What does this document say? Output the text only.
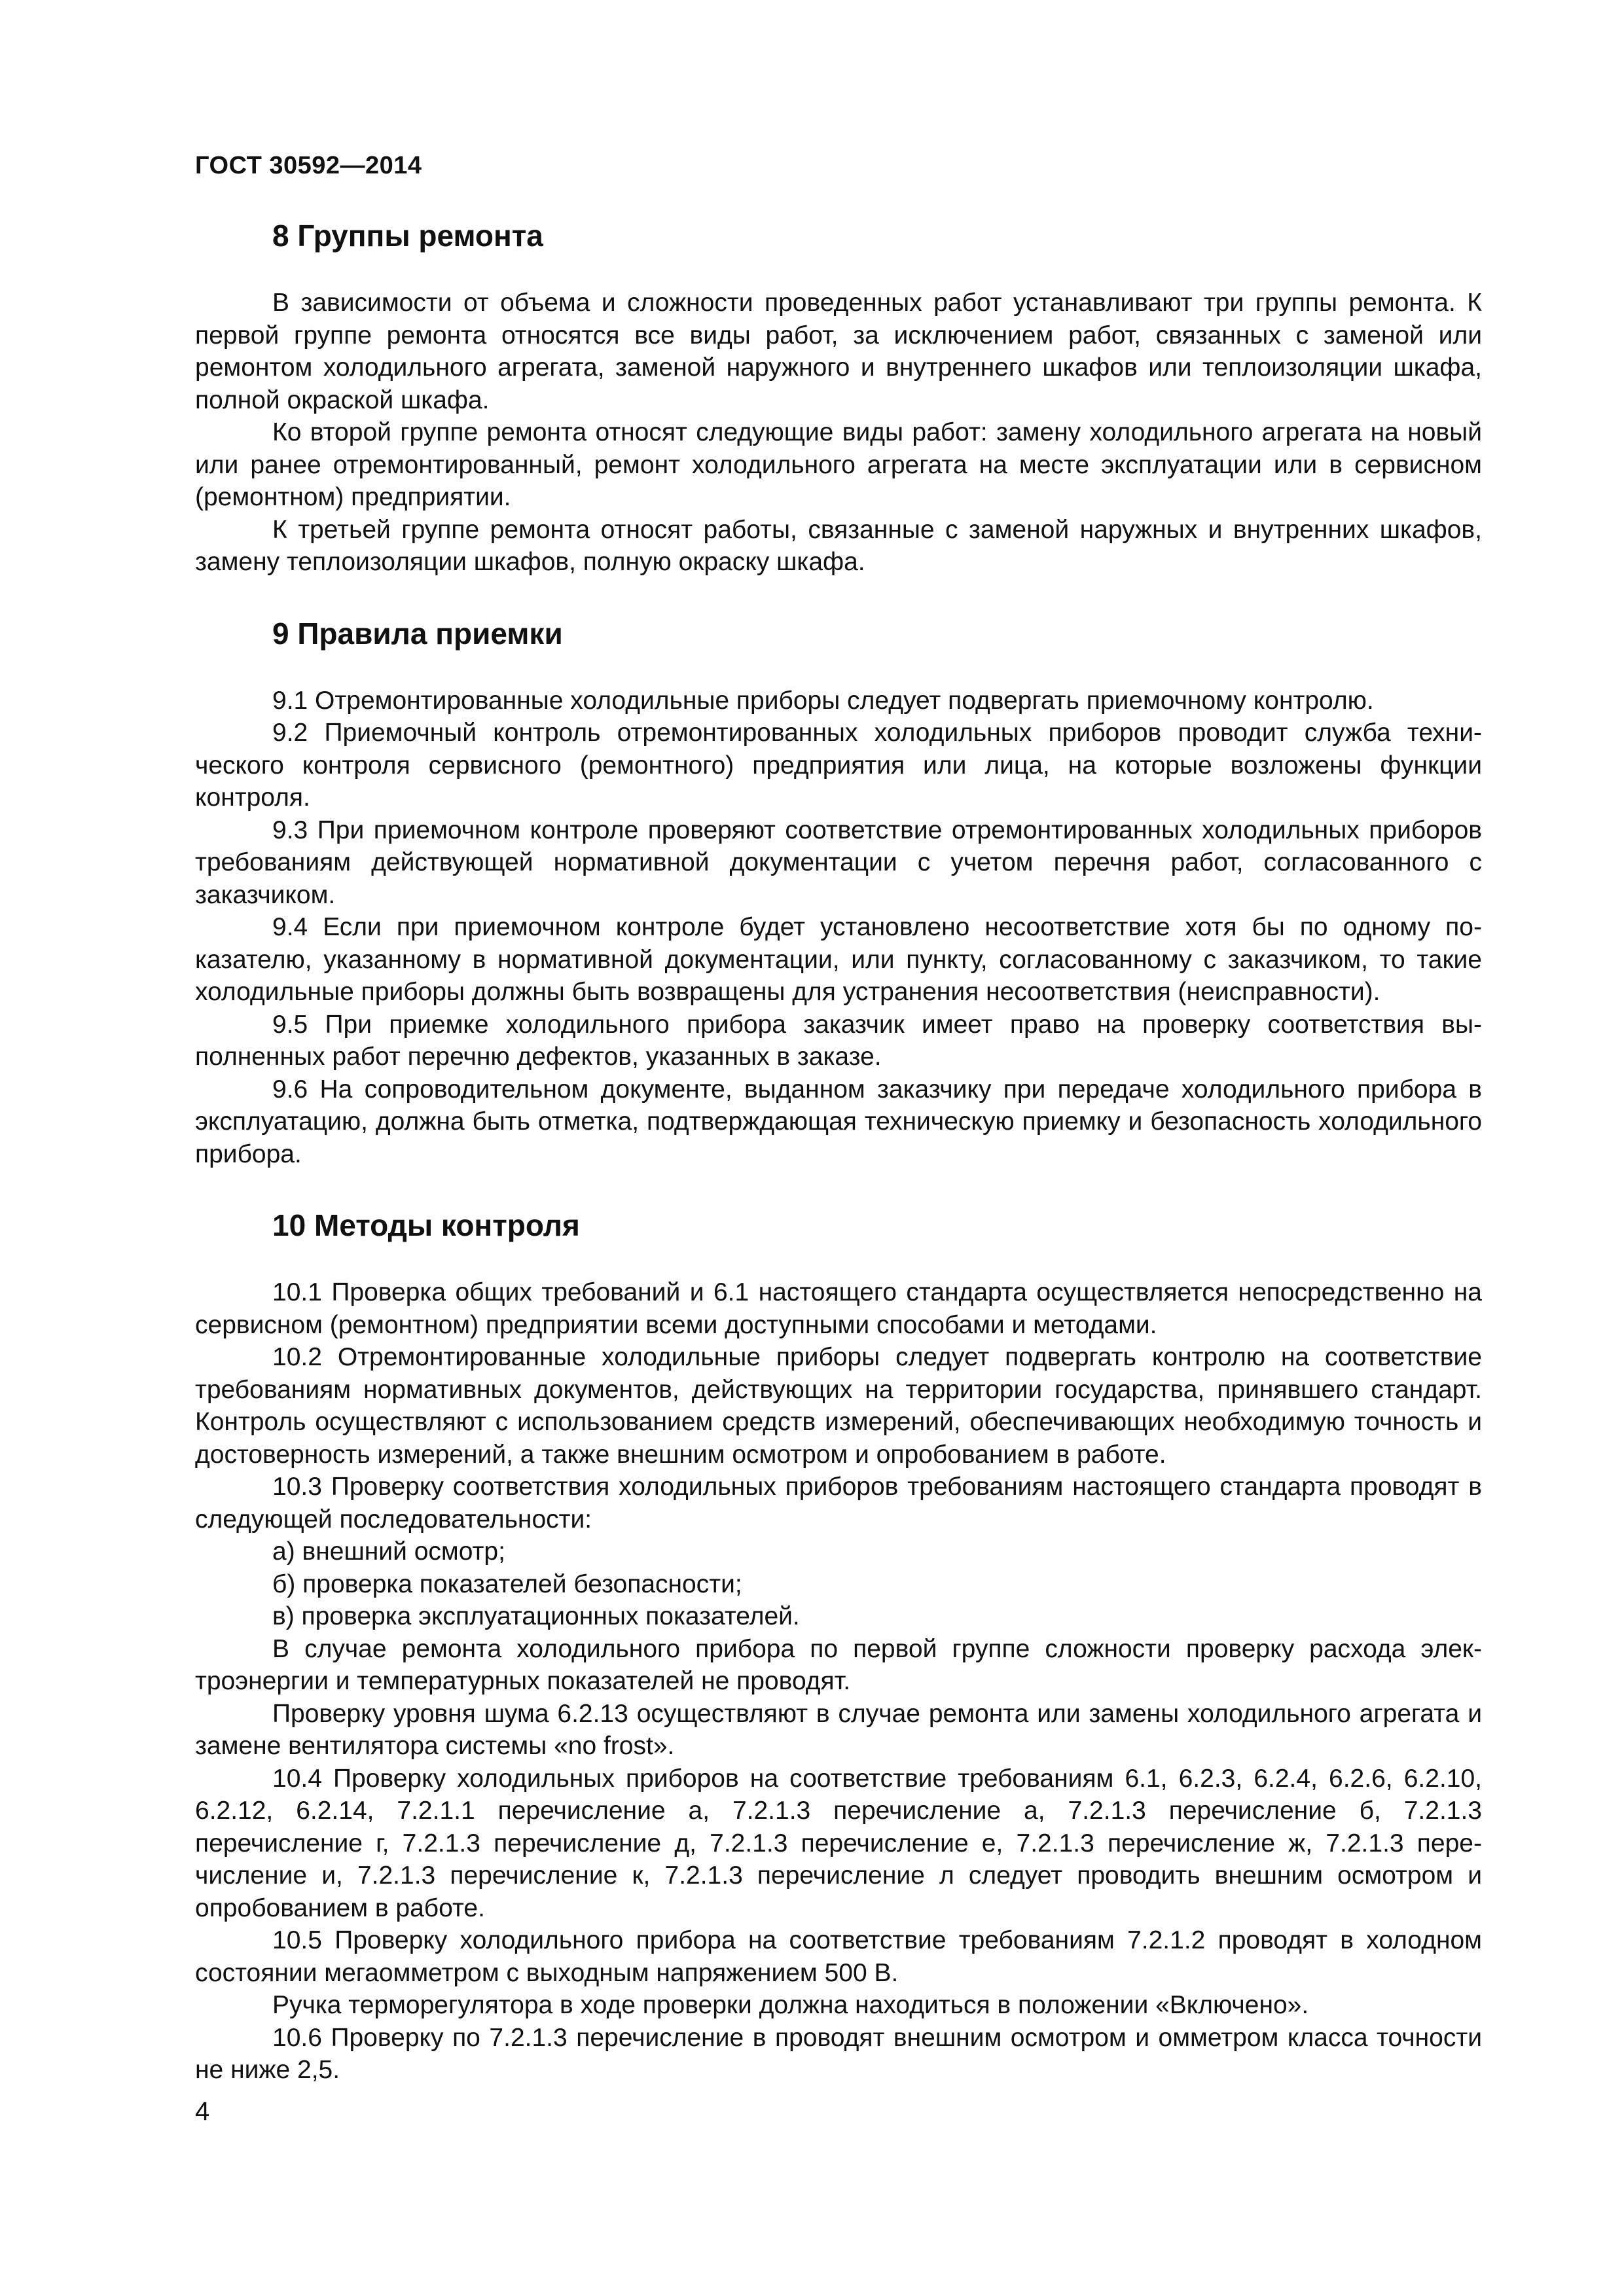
ГОСТ 30592—2014
8 Группы ремонта

В зависимости от объема и сложности проведенных работ устанавливают три группы ремонта. К первой группе ремонта относятся все виды работ, за исключением работ, связанных с заменой или ремонтом холодильного агрегата, заменой наружного и внутреннего шкафов или теплоизоляции шкафа, полной окраской шкафа.

Ко второй группе ремонта относят следующие виды работ: замену холодильного агрегата на новый или ранее отремонтированный, ремонт холодильного агрегата на месте эксплуатации или в сервисном (ремонтном) предприятии.

К третьей группе ремонта относят работы, связанные с заменой наружных и внутренних шкафов, замену теплоизоляции шкафов, полную окраску шкафа.

9 Правила приемки

9.1 Отремонтированные холодильные приборы следует подвергать приемочному контролю.

9.2 Приемочный контроль отремонтированных холодильных приборов проводит служба технического контроля сервисного (ремонтного) предприятия или лица, на которые возложены функции контроля.

9.3 При приемочном контроле проверяют соответствие отремонтированных холодильных приборов требованиям действующей нормативной документации с учетом перечня работ, согласованного с заказчиком.

9.4 Если при приемочном контроле будет установлено несоответствие хотя бы по одному показателю, указанному в нормативной документации, или пункту, согласованному с заказчиком, то такие холодильные приборы должны быть возвращены для устранения несоответствия (неисправности).

9.5 При приемке холодильного прибора заказчик имеет право на проверку соответствия выполненных работ перечню дефектов, указанных в заказе.

9.6 На сопроводительном документе, выданном заказчику при передаче холодильного прибора в эксплуатацию, должна быть отметка, подтверждающая техническую приемку и безопасность холодильного прибора.

10 Методы контроля

10.1 Проверка общих требований и 6.1 настоящего стандарта осуществляется непосредственно на сервисном (ремонтном) предприятии всеми доступными способами и методами.

10.2 Отремонтированные холодильные приборы следует подвергать контролю на соответствие требованиям нормативных документов, действующих на территории государства, принявшего стандарт. Контроль осуществляют с использованием средств измерений, обеспечивающих необходимую точность и достоверность измерений, а также внешним осмотром и опробованием в работе.

10.3 Проверку соответствия холодильных приборов требованиям настоящего стандарта проводят в следующей последовательности:

а) внешний осмотр;

б) проверка показателей безопасности;

в) проверка эксплуатационных показателей.

В случае ремонта холодильного прибора по первой группе сложности проверку расхода электроэнергии и температурных показателей не проводят.

Проверку уровня шума 6.2.13 осуществляют в случае ремонта или замены холодильного агрегата и замене вентилятора системы «no frost».

10.4 Проверку холодильных приборов на соответствие требованиям 6.1, 6.2.3, 6.2.4, 6.2.6, 6.2.10, 6.2.12, 6.2.14, 7.2.1.1 перечисление а, 7.2.1.3 перечисление а, 7.2.1.3 перечисление б, 7.2.1.3 перечисление г, 7.2.1.3 перечисление д, 7.2.1.3 перечисление е, 7.2.1.3 перечисление ж, 7.2.1.3 перечисление и, 7.2.1.3 перечисление к, 7.2.1.3 перечисление л следует проводить внешним осмотром и опробованием в работе.

10.5 Проверку холодильного прибора на соответствие требованиям 7.2.1.2 проводят в холодном состоянии мегаомметром с выходным напряжением 500 В.

Ручка терморегулятора в ходе проверки должна находиться в положении «Включено».

10.6 Проверку по 7.2.1.3 перечисление в проводят внешним осмотром и омметром класса точности не ниже 2,5.

4
